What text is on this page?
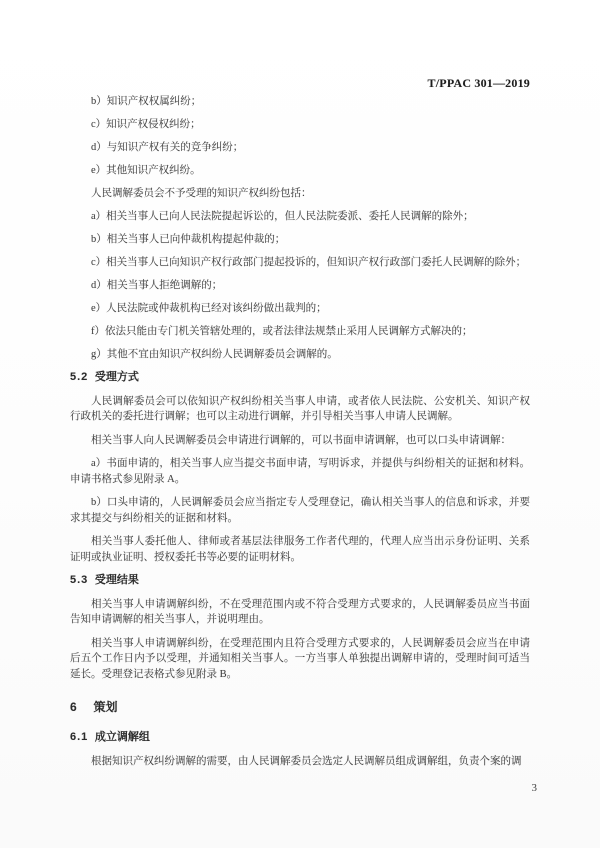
T/PPAC 301—2019

b）知识产权权属纠纷；

c）知识产权侵权纠纷；

d）与知识产权有关的竞争纠纷；

e）其他知识产权纠纷。

人民调解委员会不予受理的知识产权纠纷包括：

a）相关当事人已向人民法院提起诉讼的，但人民法院委派、委托人民调解的除外；

b）相关当事人已向仲裁机构提起仲裁的；

c）相关当事人已向知识产权行政部门提起投诉的，但知识产权行政部门委托人民调解的除外；

d）相关当事人拒绝调解的；

e）人民法院或仲裁机构已经对该纠纷做出裁判的；

f）依法只能由专门机关管辖处理的，或者法律法规禁止采用人民调解方式解决的；

g）其他不宜由知识产权纠纷人民调解委员会调解的。

5.2 受理方式

人民调解委员会可以依知识产权纠纷相关当事人申请，或者依人民法院、公安机关、知识产权行政机关的委托进行调解；也可以主动进行调解，并引导相关当事人申请人民调解。

相关当事人向人民调解委员会申请进行调解的，可以书面申请调解，也可以口头申请调解：

a）书面申请的，相关当事人应当提交书面申请，写明诉求，并提供与纠纷相关的证据和材料。申请书格式参见附录 A。

b）口头申请的，人民调解委员会应当指定专人受理登记，确认相关当事人的信息和诉求，并要求其提交与纠纷相关的证据和材料。

相关当事人委托他人、律师或者基层法律服务工作者代理的，代理人应当出示身份证明、关系证明或执业证明、授权委托书等必要的证明材料。

5.3 受理结果

相关当事人申请调解纠纷，不在受理范围内或不符合受理方式要求的，人民调解委员应当书面告知申请调解的相关当事人，并说明理由。

相关当事人申请调解纠纷，在受理范围内且符合受理方式要求的，人民调解委员会应当在申请后五个工作日内予以受理，并通知相关当事人。一方当事人单独提出调解申请的，受理时间可适当延长。受理登记表格式参见附录 B。

6 策划

6.1 成立调解组

根据知识产权纠纷调解的需要，由人民调解委员会选定人民调解员组成调解组，负责个案的调

3
